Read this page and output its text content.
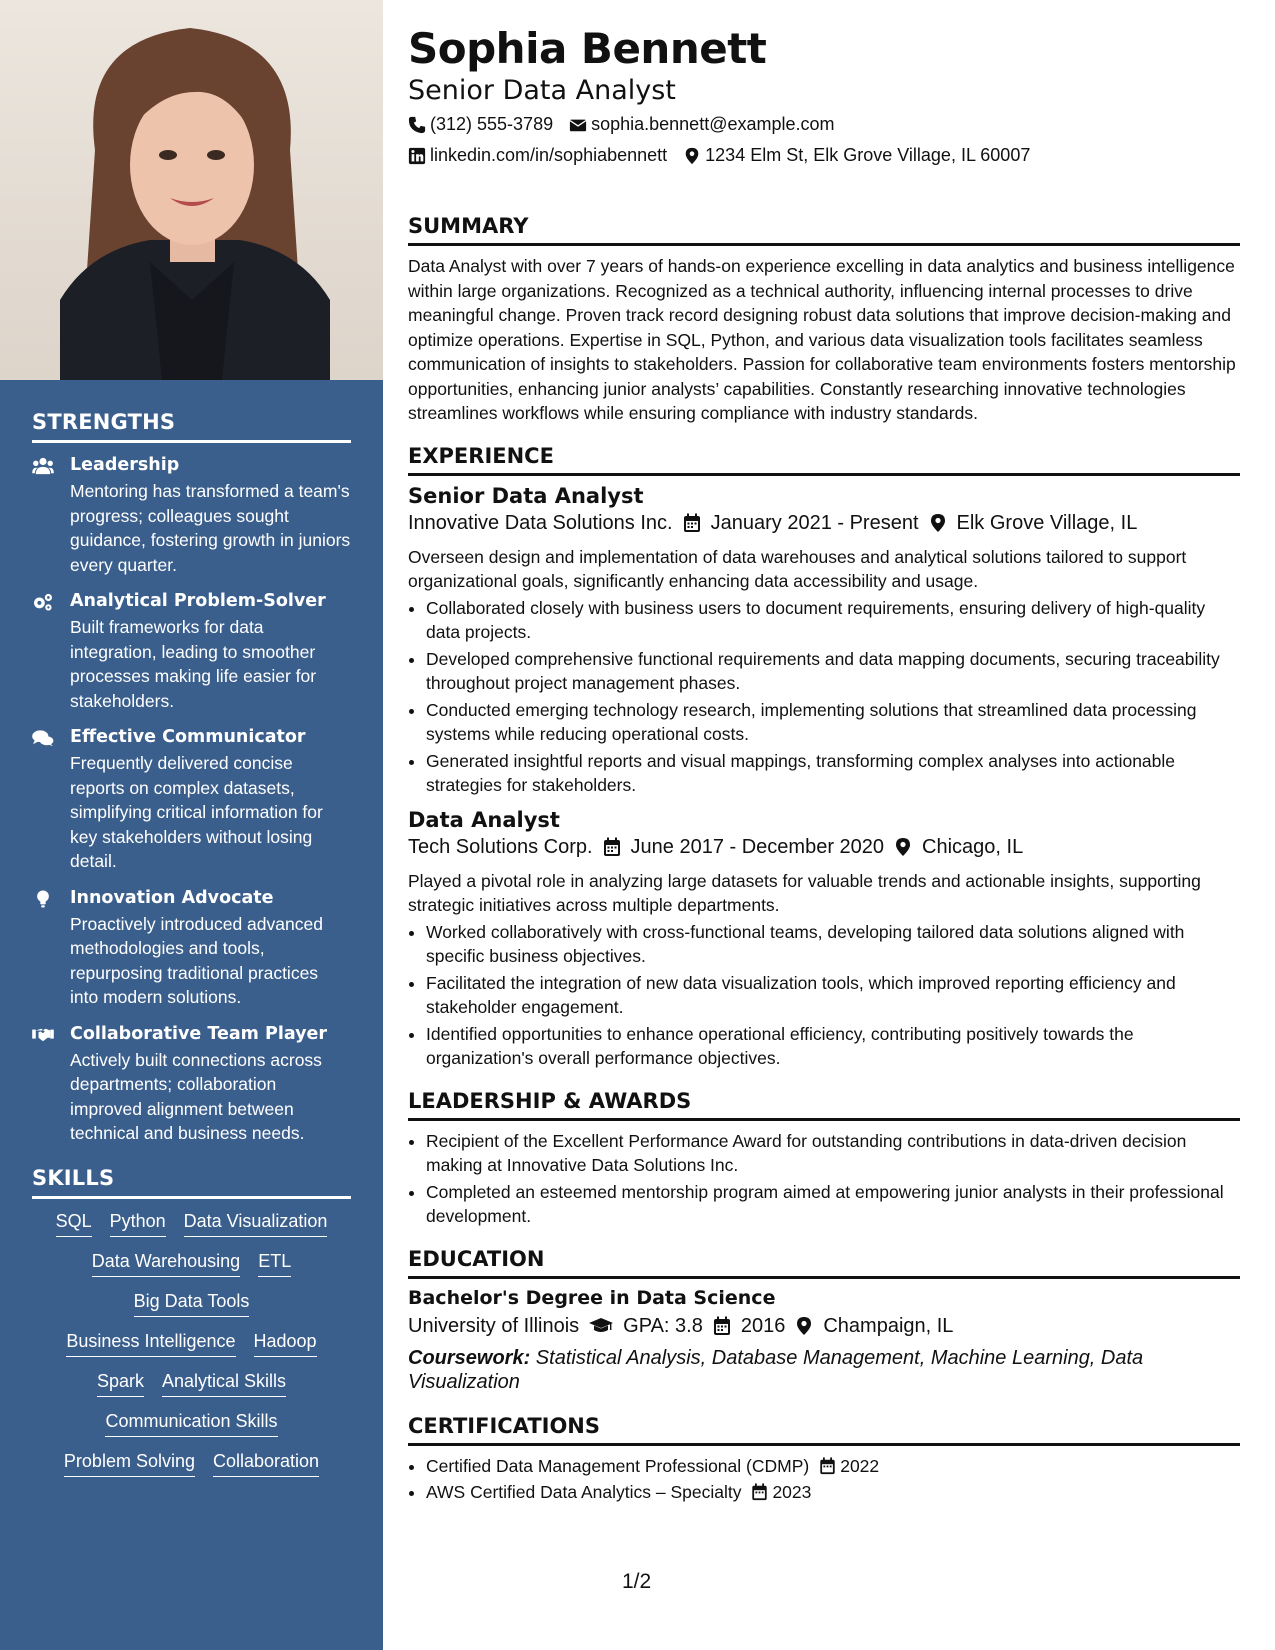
STRENGTHS
Leadership
Mentoring has transformed a team's progress; colleagues sought guidance, fostering growth in juniors every quarter.
Analytical Problem-Solver
Built frameworks for data integration, leading to smoother processes making life easier for stakeholders.
Effective Communicator
Frequently delivered concise reports on complex datasets, simplifying critical information for key stakeholders without losing detail.
Innovation Advocate
Proactively introduced advanced methodologies and tools, repurposing traditional practices into modern solutions.
Collaborative Team Player
Actively built connections across departments; collaboration improved alignment between technical and business needs.
SKILLS
SQL Python Data Visualization
Data Warehousing ETL
Big Data Tools
Business Intelligence Hadoop
Spark Analytical Skills
Communication Skills
Problem Solving Collaboration
Sophia Bennett
Senior Data Analyst
(312) 555-3789 sophia.bennett@example.com
linkedin.com/in/sophiabennett 1234 Elm St, Elk Grove Village, IL 60007
SUMMARY
Data Analyst with over 7 years of hands-on experience excelling in data analytics and business intelligence within large organizations. Recognized as a technical authority, influencing internal processes to drive meaningful change. Proven track record designing robust data solutions that improve decision-making and optimize operations. Expertise in SQL, Python, and various data visualization tools facilitates seamless communication of insights to stakeholders. Passion for collaborative team environments fosters mentorship opportunities, enhancing junior analysts’ capabilities. Constantly researching innovative technologies streamlines workflows while ensuring compliance with industry standards.
EXPERIENCE
Senior Data Analyst
Innovative Data Solutions Inc. January 2021 - Present Elk Grove Village, IL
Overseen design and implementation of data warehouses and analytical solutions tailored to support organizational goals, significantly enhancing data accessibility and usage.
• Collaborated closely with business users to document requirements, ensuring delivery of high-quality data projects.
• Developed comprehensive functional requirements and data mapping documents, securing traceability throughout project management phases.
• Conducted emerging technology research, implementing solutions that streamlined data processing systems while reducing operational costs.
• Generated insightful reports and visual mappings, transforming complex analyses into actionable strategies for stakeholders.
Data Analyst
Tech Solutions Corp. June 2017 - December 2020 Chicago, IL
Played a pivotal role in analyzing large datasets for valuable trends and actionable insights, supporting strategic initiatives across multiple departments.
• Worked collaboratively with cross-functional teams, developing tailored data solutions aligned with specific business objectives.
• Facilitated the integration of new data visualization tools, which improved reporting efficiency and stakeholder engagement.
• Identified opportunities to enhance operational efficiency, contributing positively towards the organization's overall performance objectives.
LEADERSHIP & AWARDS
• Recipient of the Excellent Performance Award for outstanding contributions in data-driven decision making at Innovative Data Solutions Inc.
• Completed an esteemed mentorship program aimed at empowering junior analysts in their professional development.
EDUCATION
Bachelor's Degree in Data Science
University of Illinois GPA: 3.8 2016 Champaign, IL
Coursework: Statistical Analysis, Database Management, Machine Learning, Data Visualization
CERTIFICATIONS
• Certified Data Management Professional (CDMP) 2022
• AWS Certified Data Analytics – Specialty 2023
1/2
